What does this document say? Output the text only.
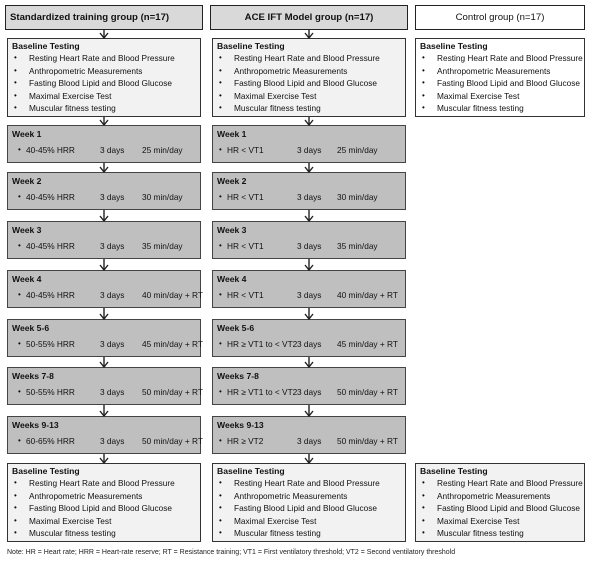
Standardized training group (n=17)	ACE IFT Model group (n=17)	Control group (n=17)
Baseline Testing
• Resting Heart Rate and Blood Pressure
• Anthropometric Measurements
• Fasting Blood Lipid and Blood Glucose
• Maximal Exercise Test
• Muscular fitness testing
Baseline Testing
• Resting Heart Rate and Blood Pressure
• Anthropometric Measurements
• Fasting Blood Lipid and Blood Glucose
• Maximal Exercise Test
• Muscular fitness testing
Baseline Testing
• Resting Heart Rate and Blood Pressure
• Anthropometric Measurements
• Fasting Blood Lipid and Blood Glucose
• Maximal Exercise Test
• Muscular fitness testing
Week 1
• 40-45% HRR	3 days 25 min/day
Week 2
• 40-45% HRR	3 days 30 min/day
Week 3
• 40-45% HRR	3 days 35 min/day
Week 4
• 40-45% HRR	3 days 40 min/day + RT
Week 5-6
• 50-55% HRR	3 days 45 min/day + RT
Weeks 7-8
• 50-55% HRR	3 days 50 min/day + RT
Weeks 9-13
• 60-65% HRR	3 days 50 min/day + RT
Week 1
• HR < VT1	3 days 25 min/day
Week 2
• HR < VT1	3 days 30 min/day
Week 3
• HR < VT1	3 days 35 min/day
Week 4
• HR < VT1	3 days 40 min/day + RT
Week 5-6
• HR ≥ VT1 to < VT2 3 days 45 min/day + RT
Weeks 7-8
• HR ≥ VT1 to < VT2 3 days 50 min/day + RT
Weeks 9-13
• HR ≥ VT2	3 days 50 min/day + RT
Baseline Testing
• Resting Heart Rate and Blood Pressure
• Anthropometric Measurements
• Fasting Blood Lipid and Blood Glucose
• Maximal Exercise Test
• Muscular fitness testing
Baseline Testing
• Resting Heart Rate and Blood Pressure
• Anthropometric Measurements
• Fasting Blood Lipid and Blood Glucose
• Maximal Exercise Test
• Muscular fitness testing
Baseline Testing
• Resting Heart Rate and Blood Pressure
• Anthropometric Measurements
• Fasting Blood Lipid and Blood Glucose
• Maximal Exercise Test
• Muscular fitness testing
Note: HR = Heart rate; HRR = Heart-rate reserve; RT = Resistance training; VT1 = First ventilatory threshold; VT2 = Second ventilatory threshold
